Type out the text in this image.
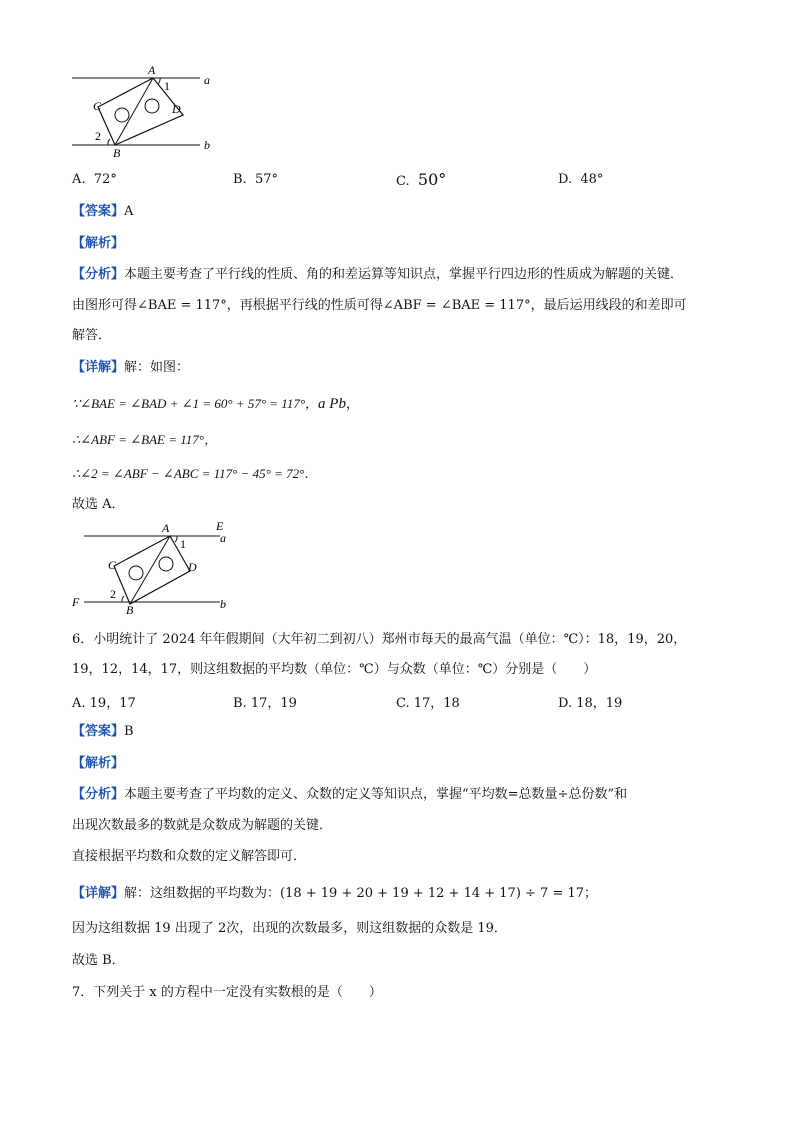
A
1	a
C	D
2
B
b
A. 72°	B. 57°	C. 50°	D. 48°
【答案】A
【解析】
【分析】本题主要考查了平行线的性质、角的和差运算等知识点，掌握平行四边形的性质成为解题的关键．
由图形可得∠BAE = 117°，再根据平行线的性质可得∠ABF = ∠BAE = 117°，最后运用线段的和差即可
解答．
【详解】解：如图：
∵∠BAE = ∠BAD + ∠1 = 60° + 57° = 117°，a Pb，
∴∠ABF = ∠BAE = 117°，
∴∠2 = ∠ABF − ∠ABC = 117° − 45° = 72°．
故选 A．
A	E
a
1
C	D
F
2
B	b
6．小明统计了 2024 年年假期间（大年初二到初八）郑州市每天的最高气温（单位：℃）：18，19，20，
19，12，14，17，则这组数据的平均数（单位：℃）与众数（单位：℃）分别是（　　）
A. 19，17	B. 17，19	C. 17，18	D. 18，19
【答案】B
【解析】
【分析】本题主要考查了平均数的定义、众数的定义等知识点，掌握“平均数=总数量÷总份数”和
出现次数最多的数就是众数成为解题的关键．
直接根据平均数和众数的定义解答即可．
【详解】解：这组数据的平均数为：(18 + 19 + 20 + 19 + 12 + 14 + 17) ÷ 7 = 17；
因为这组数据 19 出现了 2次，出现的次数最多，则这组数据的众数是 19．
故选 B．
7．下列关于 x 的方程中一定没有实数根的是（　　）
